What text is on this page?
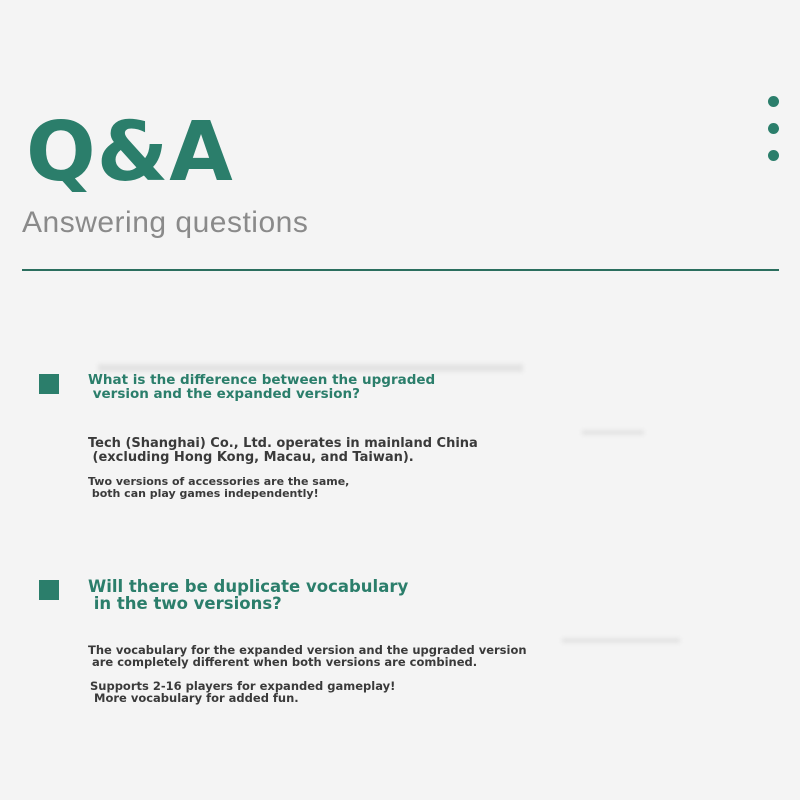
Q&A
Answering questions
What is the difference between the upgraded
version and the expanded version?
Tech (Shanghai) Co., Ltd. operates in mainland China
(excluding Hong Kong, Macau, and Taiwan).
Two versions of accessories are the same,
both can play games independently!
Will there be duplicate vocabulary
in the two versions?
The vocabulary for the expanded version and the upgraded version
are completely different when both versions are combined.
Supports 2-16 players for expanded gameplay!
More vocabulary for added fun.
